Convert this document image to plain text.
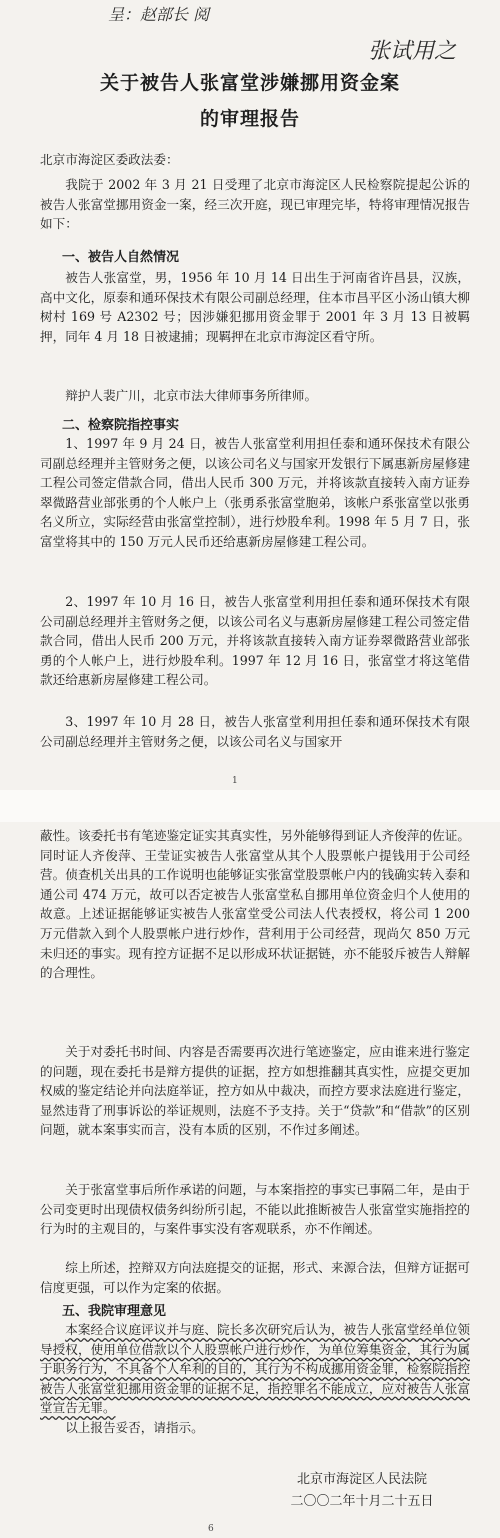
呈：赵部长 阅
张试用之
关于被告人张富堂涉嫌挪用资金案
的审理报告
北京市海淀区委政法委：
我院于 2002 年 3 月 21 日受理了北京市海淀区人民检察院提起公诉的被告人张富堂挪用资金一案，经三次开庭，现已审理完毕，特将审理情况报告如下：
一、被告人自然情况
被告人张富堂，男，1956 年 10 月 14 日出生于河南省许昌县，汉族，高中文化，原泰和通环保技术有限公司副总经理，住本市昌平区小汤山镇大柳树村 169 号 A2302 号；因涉嫌犯挪用资金罪于 2001 年 3 月 13 日被羁押，同年 4 月 18 日被逮捕；现羁押在北京市海淀区看守所。
辩护人裴广川，北京市法大律师事务所律师。
二、检察院指控事实
1、1997 年 9 月 24 日，被告人张富堂利用担任泰和通环保技术有限公司副总经理并主管财务之便，以该公司名义与国家开发银行下属惠新房屋修建工程公司签定借款合同，借出人民币 300 万元，并将该款直接转入南方证券翠微路营业部张勇的个人帐户上（张勇系张富堂胞弟，该帐户系张富堂以张勇名义所立，实际经营由张富堂控制），进行炒股牟利。1998 年 5 月 7 日，张富堂将其中的 150 万元人民币还给惠新房屋修建工程公司。
2、1997 年 10 月 16 日，被告人张富堂利用担任泰和通环保技术有限公司副总经理并主管财务之便，以该公司名义与惠新房屋修建工程公司签定借款合同，借出人民币 200 万元，并将该款直接转入南方证券翠微路营业部张勇的个人帐户上，进行炒股牟利。1997 年 12 月 16 日，张富堂才将这笔借款还给惠新房屋修建工程公司。
3、1997 年 10 月 28 日，被告人张富堂利用担任泰和通环保技术有限公司副总经理并主管财务之便，以该公司名义与国家开
1
蔽性。该委托书有笔迹鉴定证实其真实性，另外能够得到证人齐俊萍的佐证。同时证人齐俊萍、王莹证实被告人张富堂从其个人股票帐户提钱用于公司经营。侦查机关出具的工作说明也能够证实张富堂股票帐户内的钱确实转入泰和通公司 474 万元，故可以否定被告人张富堂私自挪用单位资金归个人使用的故意。上述证据能够证实被告人张富堂受公司法人代表授权，将公司 1 200 万元借款入到个人股票帐户进行炒作，营利用于公司经营，现尚欠 850 万元未归还的事实。现有控方证据不足以形成环状证据链，亦不能驳斥被告人辩解的合理性。
关于对委托书时间、内容是否需要再次进行笔迹鉴定，应由谁来进行鉴定的问题，现在委托书是辩方提供的证据，控方如想推翻其真实性，应提交更加权威的鉴定结论并向法庭举证，控方如从中裁决，而控方要求法庭进行鉴定，显然违背了刑事诉讼的举证规则，法庭不予支持。关于“贷款”和“借款”的区别问题，就本案事实而言，没有本质的区别，不作过多阐述。
关于张富堂事后所作承诺的问题，与本案指控的事实已事隔二年，是由于公司变更时出现债权债务纠纷所引起，不能以此推断被告人张富堂实施指控的行为时的主观目的，与案件事实没有客观联系，亦不作阐述。
综上所述，控辩双方向法庭提交的证据，形式、来源合法，但辩方证据可信度更强，可以作为定案的依据。
五、我院审理意见
本案经合议庭评议并与庭、院长多次研究后认为，被告人张富堂经单位领导授权，使用单位借款以个人股票帐户进行炒作，为单位筹集资金，其行为属于职务行为，不具备个人牟利的目的，其行为不构成挪用资金罪，检察院指控被告人张富堂犯挪用资金罪的证据不足，指控罪名不能成立，应对被告人张富堂宣告无罪。
以上报告妥否，请指示。
北京市海淀区人民法院
二〇〇二年十月二十五日
6
